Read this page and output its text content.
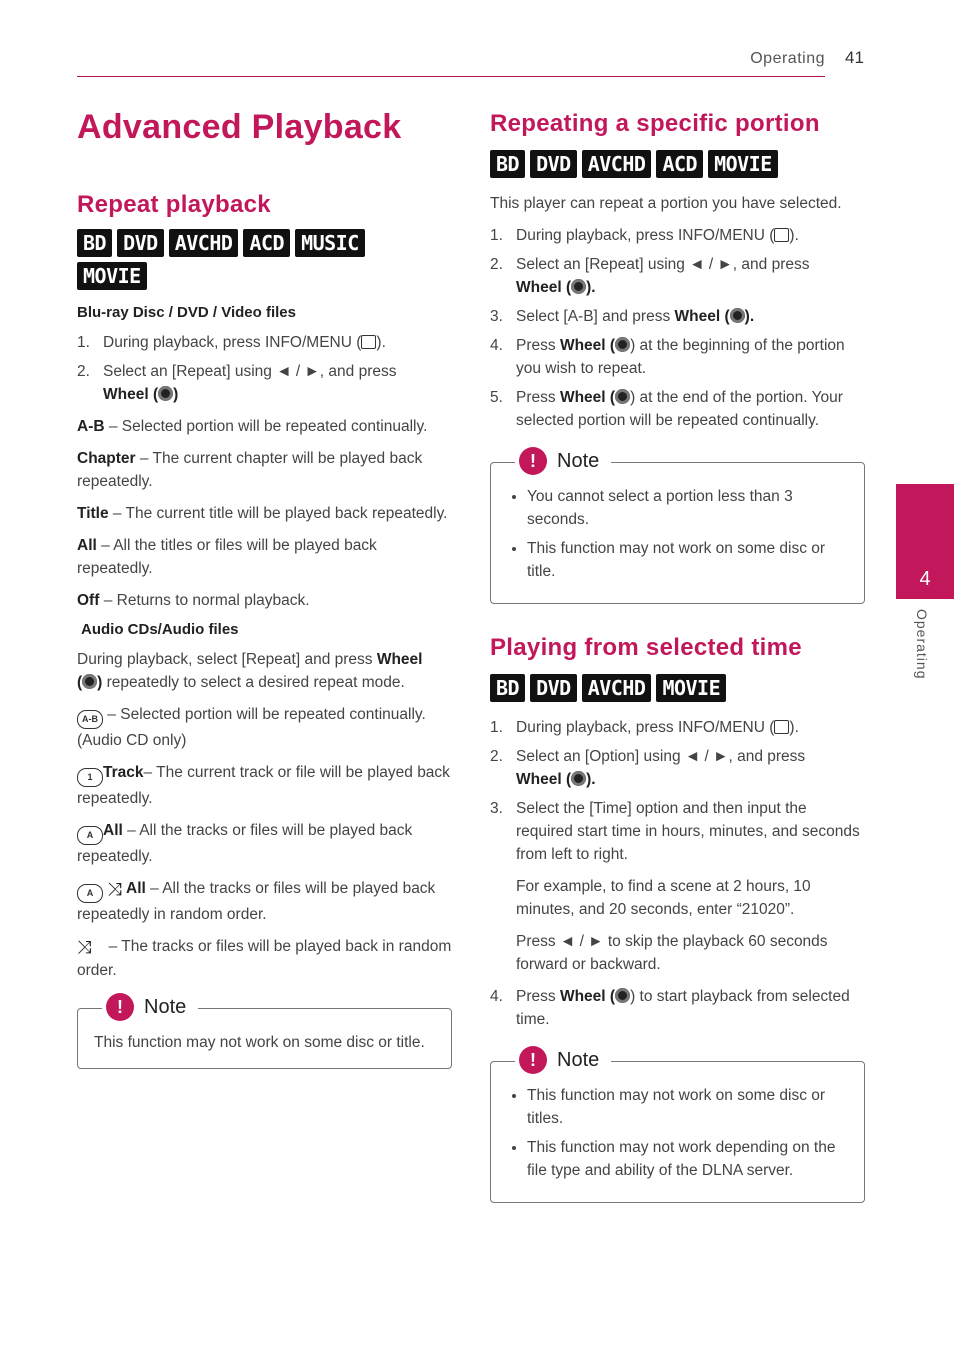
Operating 41
4
Operating
Advanced Playback
Repeat playback
BD DVD AVCHD ACD MUSIC
MOVIE
Blu-ray Disc / DVD / Video files
1. During playback, press INFO/MENU ( ).
2. Select an [Repeat] using ◄ / ►, and press
Wheel ( )

A-B – Selected portion will be repeated continually.

Chapter – The current chapter will be played back repeatedly.

Title – The current title will be played back repeatedly.

All – All the titles or files will be played back repeatedly.

Off – Returns to normal playback.

Audio CDs/Audio files

During playback, select [Repeat] and press Wheel
( ) repeatedly to select a desired repeat mode.

A-B – Selected portion will be repeated continually. (Audio CD only)

1 Track– The current track or file will be played back repeatedly.

A All – All the tracks or files will be played back repeatedly.

A ⤨ All – All the tracks or files will be played back repeatedly in random order.

⤨    – The tracks or files will be played back in random order.

!	Note

This function may not work on some disc or title.

Repeating a specific portion
BD DVD AVCHD ACD MOVIE

This player can repeat a portion you have selected.

1. During playback, press INFO/MENU ( ).
2. Select an [Repeat] using ◄ / ►, and press
Wheel ( ).
3. Select [A-B] and press Wheel ( ).
4. Press Wheel ( ) at the beginning of the portion you wish to repeat.
5. Press Wheel ( ) at the end of the portion. Your selected portion will be repeated continually.
!	Note
• You cannot select a portion less than 3 seconds.
• This function may not work on some disc or title.
Playing from selected time
BD DVD AVCHD MOVIE
1. During playback, press INFO/MENU ( ).
2. Select an [Option] using ◄ / ►, and press
Wheel ( ).
3. Select the [Time] option and then input the required start time in hours, minutes, and seconds from left to right.

For example, to find a scene at 2 hours, 10 minutes, and 20 seconds, enter “21020”.

Press ◄ / ► to skip the playback 60 seconds forward or backward.

4. Press Wheel ( ) to start playback from selected time.
!	Note
• This function may not work on some disc or titles.
• This function may not work depending on the file type and ability of the DLNA server.
